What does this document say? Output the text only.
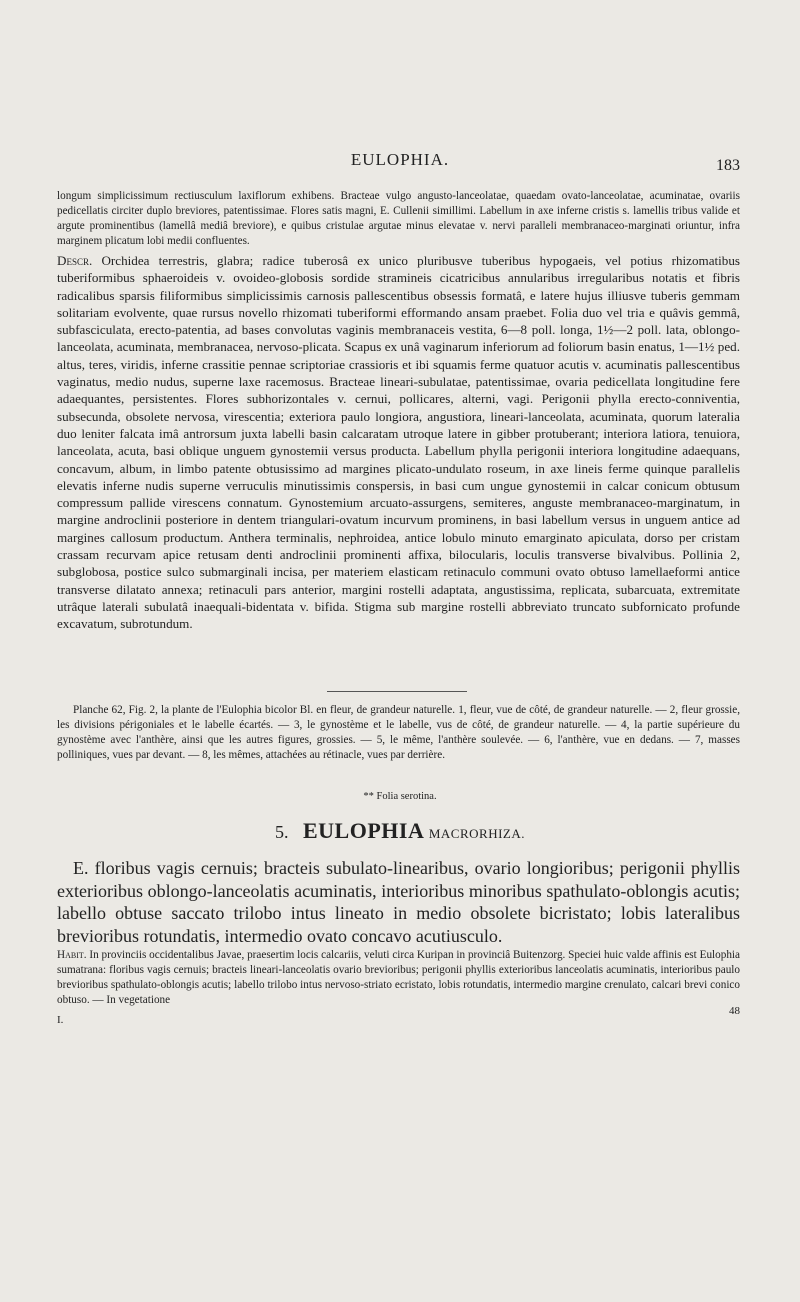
EULOPHIA.	183

longum simplicissimum rectiusculum laxiflorum exhibens. Bracteae vulgo angusto-lanceolatae, quaedam ovato-lanceolatae, acuminatae, ovariis pedicellatis circiter duplo breviores, patentissimae. Flores satis magni, E. Cullenii simillimi. Labellum in axe inferne cristis s. lamellis tribus valide et argute prominentibus (lamellâ mediâ breviore), e quibus cristulae argutae minus elevatae v. nervi paralleli membranaceo-marginati oriuntur, infra marginem plicatum lobi medii confluentes.

Descr. Orchidea terrestris, glabra; radice tuberosâ ex unico pluribusve tuberibus hypogaeis, vel potius rhizomatibus tuberiformibus sphaeroideis v. ovoideo-globosis sordide stramineis cicatricibus annularibus irregularibus notatis et fibris radicalibus sparsis filiformibus simplicissimis carnosis pallescentibus obsessis formatâ, e latere hujus illiusve tuberis gemmam solitariam evolvente, quae rursus novello rhizomati tuberiformi efformando ansam praebet. Folia duo vel tria e quâvis gemmâ, subfasciculata, erecto-patentia, ad bases convolutas vaginis membranaceis vestita, 6—8 poll. longa, 1½—2 poll. lata, oblongo-lanceolata, acuminata, membranacea, nervoso-plicata. Scapus ex unâ vaginarum inferiorum ad foliorum basin enatus, 1—1½ ped. altus, teres, viridis, inferne crassitie pennae scriptoriae crassioris et ibi squamis ferme quatuor acutis v. acuminatis pallescentibus vaginatus, medio nudus, superne laxe racemosus. Bracteae lineari-subulatae, patentissimae, ovaria pedicellata longitudine fere adaequantes, persistentes. Flores subhorizontales v. cernui, pollicares, alterni, vagi. Perigonii phylla erecto-conniventia, subsecunda, obsolete nervosa, virescentia; exteriora paulo longiora, angustiora, lineari-lanceolata, acuminata, quorum lateralia duo leniter falcata imâ antrorsum juxta labelli basin calcaratam utroque latere in gibber protuberant; interiora latiora, tenuiora, lanceolata, acuta, basi oblique unguem gynostemii versus producta. Labellum phylla perigonii interiora longitudine adaequans, concavum, album, in limbo patente obtusissimo ad margines plicato-undulato roseum, in axe lineis ferme quinque parallelis elevatis inferne nudis superne verruculis minutissimis conspersis, in basi cum ungue gynostemii in calcar conicum obtusum compressum pallide virescens connatum. Gynostemium arcuato-assurgens, semiteres, anguste membranaceo-marginatum, in margine androclinii posteriore in dentem triangulari-ovatum incurvum prominens, in basi labellum versus in unguem antice ad margines callosum productum. Anthera terminalis, nephroidea, antice lobulo minuto emarginato apiculata, dorso per cristam crassam recurvam apice retusam denti androclinii prominenti affixa, bilocularis, loculis transverse bivalvibus. Pollinia 2, subglobosa, postice sulco submarginali incisa, per materiem elasticam retinaculo communi ovato obtuso lamellaeformi antice transverse dilatato annexa; retinaculi pars anterior, margini rostelli adaptata, angustissima, replicata, subarcuata, extremitate utrâque laterali subulatâ inaequali-bidentata v. bifida. Stigma sub margine rostelli abbreviato truncato subfornicato profunde excavatum, subrotundum.

Planche 62, Fig. 2, la plante de l'Eulophia bicolor Bl. en fleur, de grandeur naturelle. 1, fleur, vue de côté, de grandeur naturelle. — 2, fleur grossie, les divisions périgoniales et le labelle écartés. — 3, le gynostème et le labelle, vus de côté, de grandeur naturelle. — 4, la partie supérieure du gynostème avec l'anthère, ainsi que les autres figures, grossies. — 5, le même, l'anthère soulevée. — 6, l'anthère, vue en dedans. — 7, masses polliniques, vues par devant. — 8, les mêmes, attachées au rétinacle, vues par derrière.

** Folia serotina.
5. EULOPHIA MACRORHIZA.

E. floribus vagis cernuis; bracteis subulato-linearibus, ovario longioribus; perigonii phyllis exterioribus oblongo-lanceolatis acuminatis, interioribus minoribus spathulato-oblongis acutis; labello obtuse saccato trilobo intus lineato in medio obsolete bicristato; lobis lateralibus brevioribus rotundatis, intermedio ovato concavo acutiusculo.

Habit. In provinciis occidentalibus Javae, praesertim locis calcariis, veluti circa Kuripan in provinciâ Buitenzorg. Speciei huic valde affinis est Eulophia sumatrana: floribus vagis cernuis; bracteis lineari-lanceolatis ovario brevioribus; perigonii phyllis exterioribus lanceolatis acuminatis, interioribus paulo brevioribus spathulato-oblongis acutis; labello trilobo intus nervoso-striato ecristato, lobis rotundatis, intermedio margine crenulato, calcari brevi conico obtuso. — In vegetatione

I.
48
